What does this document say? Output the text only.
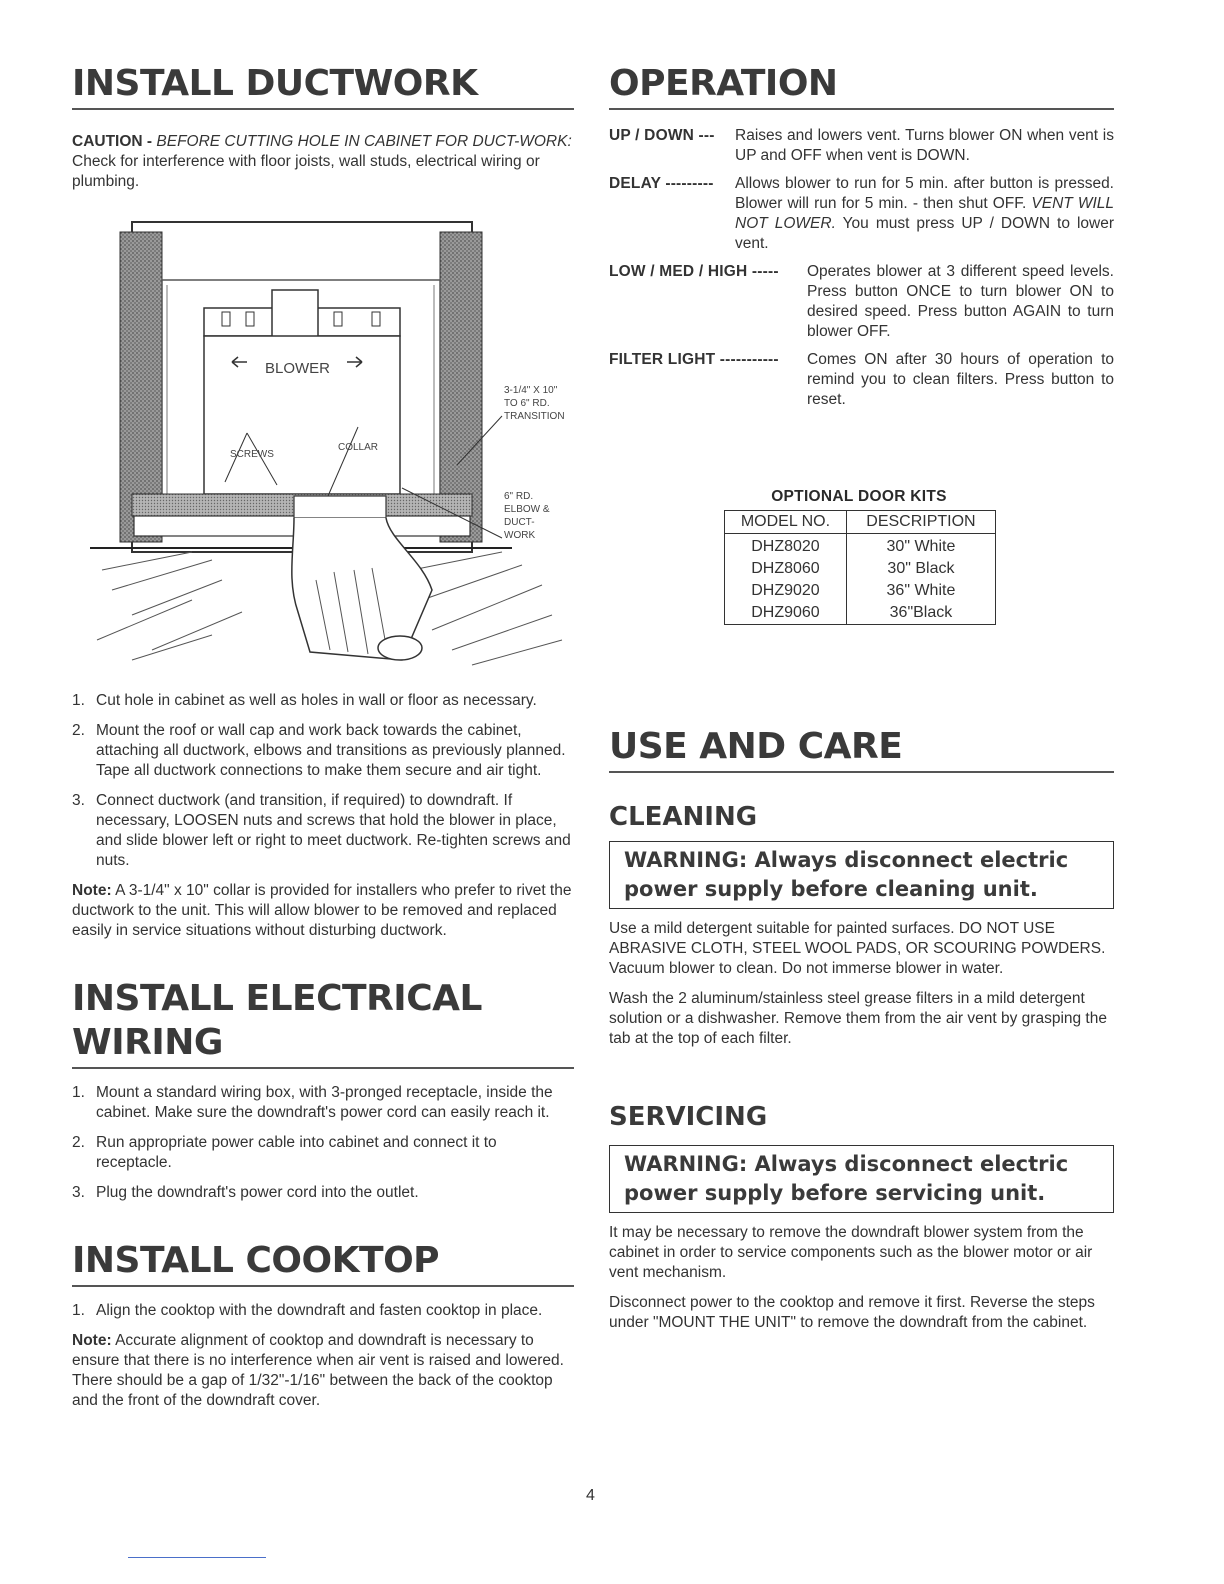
INSTALL DUCTWORK

CAUTION - BEFORE CUTTING HOLE IN CABINET FOR DUCT-WORK: Check for interference with floor joists, wall studs, electrical wiring or plumbing.

BLOWER
SCREWS
COLLAR
3-1/4" X 10"
TO 6" RD.
TRANSITION
6" RD.
ELBOW &
DUCT-
WORK
1. Cut hole in cabinet as well as holes in wall or floor as necessary.
2. Mount the roof or wall cap and work back towards the cabinet, attaching all ductwork, elbows and transitions as previously planned. Tape all ductwork connections to make them secure and air tight.
3. Connect ductwork (and transition, if required) to downdraft. If necessary, LOOSEN nuts and screws that hold the blower in place, and slide blower left or right to meet ductwork. Re-tighten screws and nuts.

Note: A 3-1/4" x 10" collar is provided for installers who prefer to rivet the ductwork to the unit. This will allow blower to be removed and replaced easily in service situations without disturbing ductwork.

INSTALL ELECTRICAL WIRING
1. Mount a standard wiring box, with 3-pronged receptacle, inside the cabinet. Make sure the downdraft's power cord can easily reach it.
2. Run appropriate power cable into cabinet and connect it to receptacle.
3. Plug the downdraft's power cord into the outlet.
INSTALL COOKTOP
1. Align the cooktop with the downdraft and fasten cooktop in place.

Note: Accurate alignment of cooktop and downdraft is necessary to ensure that there is no interference when air vent is raised and lowered. There should be a gap of 1/32"-1/16" between the back of the cooktop and the front of the downdraft cover.

OPERATION
UP / DOWN --- Raises and lowers vent. Turns blower ON when vent is UP and OFF when vent is DOWN.
DELAY --------- Allows blower to run for 5 min. after button is pressed. Blower will run for 5 min. - then shut OFF. VENT WILL NOT LOWER. You must press UP / DOWN to lower vent.
LOW / MED / HIGH ----- Operates blower at 3 different speed levels. Press button ONCE to turn blower ON to desired speed. Press button AGAIN to turn blower OFF.
FILTER LIGHT ----------- Comes ON after 30 hours of operation to remind you to clean filters. Press button to reset.
OPTIONAL DOOR KITS
MODEL NO.	DESCRIPTION
DHZ8020	30" White
DHZ8060	30" Black
DHZ9020	36" White
DHZ9060	36"Black
USE AND CARE
CLEANING
WARNING: Always disconnect electric
power supply before cleaning unit.

Use a mild detergent suitable for painted surfaces. DO NOT USE ABRASIVE CLOTH, STEEL WOOL PADS, OR SCOURING POWDERS. Vacuum blower to clean. Do not immerse blower in water.

Wash the 2 aluminum/stainless steel grease filters in a mild detergent solution or a dishwasher. Remove them from the air vent by grasping the tab at the top of each filter.

SERVICING
WARNING: Always disconnect electric
power supply before servicing unit.

It may be necessary to remove the downdraft blower system from the cabinet in order to service components such as the blower motor or air vent mechanism.

Disconnect power to the cooktop and remove it first. Reverse the steps under "MOUNT THE UNIT" to remove the downdraft from the cabinet.

4
